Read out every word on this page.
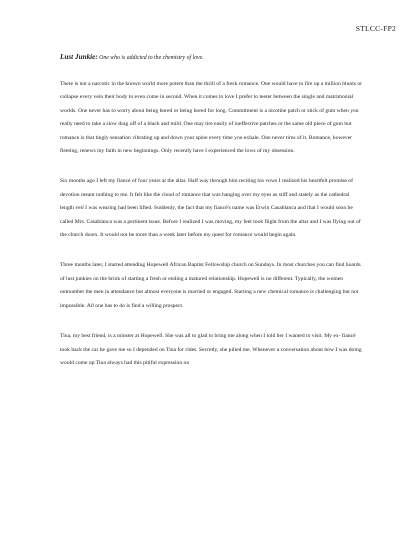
STLCC-FP2

Lust Junkie: One who is addicted to the chemistry of love.

There is not a narcotic in the known world more potent than the thrill of a fresh romance. One would have to fire up a million blunts or collapse every vein their body to even come in second. When it comes to love I prefer to teeter between the single and matrimonial worlds. One never has to worry about being bored or being bored for long. Commitment is a nicotine patch or stick of gum when you really need to take a slow drag off of a black and mild. One may tire easily of ineffective patches or the same old piece of gum but romance is that tingly sensation vibrating up and down your spine every time you exhale. One never tires of it. Romance, however fleeting, renews my faith in new beginnings. Only recently have I experienced the lows of my obsession.

Six months ago I left my fiancé of four years at the altar. Half way through him reciting his vows I realized his heartfelt promise of devotion meant nothing to me. It felt like the cloud of romance that was hanging over my eyes as stiff and stately as the cathedral length veil I was wearing had been lifted. Suddenly, the fact that my fiancé's name was Erwin Casablanca and that I would soon be called Mrs. Casablanca was a pertinent issue. Before I realized I was moving, my feet took flight from the altar and I was flying out of the church doors. It would not be more than a week later before my quest for romance would begin again.

Three months later, I started attending Hopewell African Baptist Fellowship church on Sundays. In most churches you can find hoards of lust junkies on the brink of starting a fresh or ending a matured relationship. Hopewell is no different. Typically, the women outnumber the men in attendance but almost everyone is married or engaged. Starting a new chemical romance is challenging but not impossible. All one has to do is find a willing prospect.

Tina, my best friend, is a minster at Hopewell. She was all to glad to bring me along when I told her I wanted to visit. My ex- fiancé took back the car he gave me so I depended on Tina for rides. Secretly, she pitied me. Whenever a conversation about how I was doing would come up Tina always had this pitiful expression on
